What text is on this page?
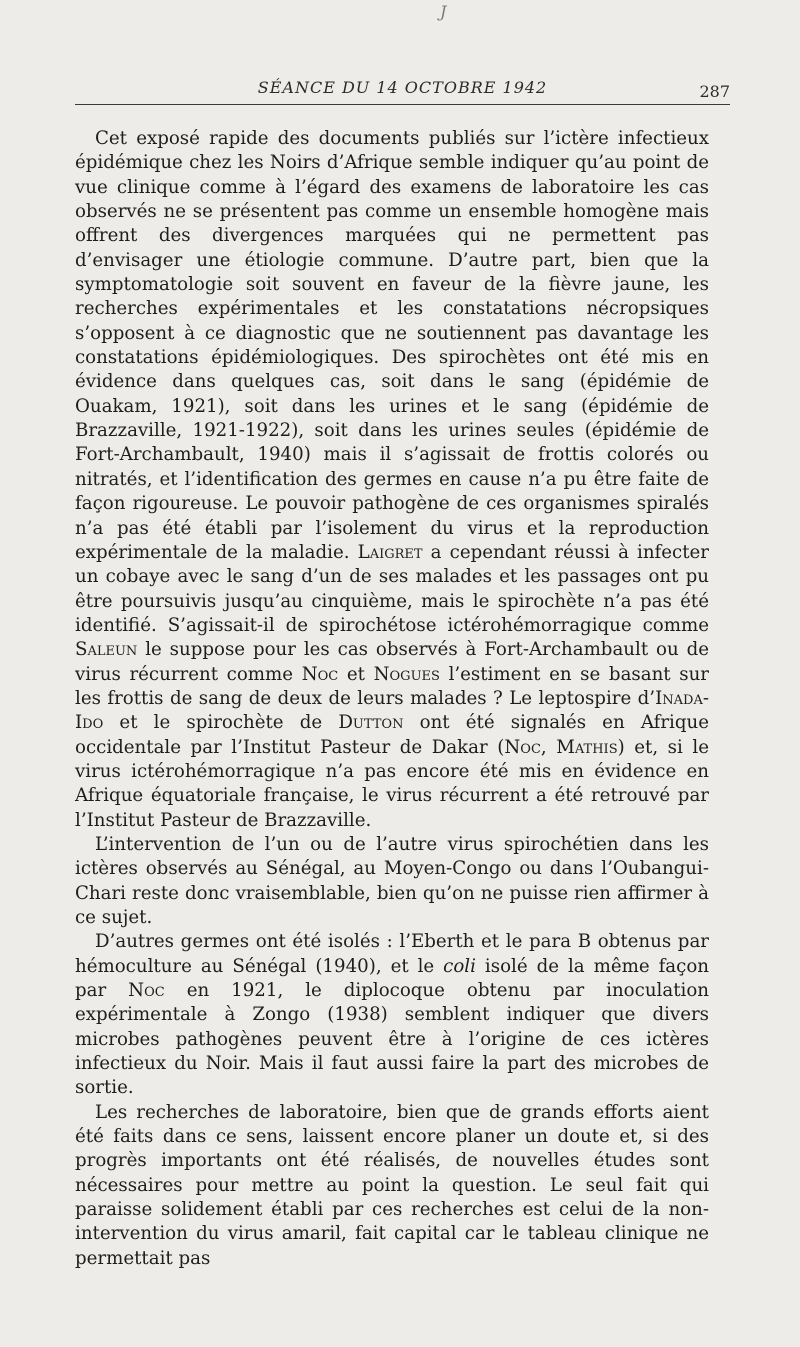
J
SÉANCE DU 14 OCTOBRE 1942	287

Cet exposé rapide des documents publiés sur l’ictère infectieux épidémique chez les Noirs d’Afrique semble indiquer qu’au point de vue clinique comme à l’égard des examens de laboratoire les cas observés ne se présentent pas comme un ensemble homogène mais offrent des divergences marquées qui ne permettent pas d’envisager une étiologie commune. D’autre part, bien que la symptomatologie soit souvent en faveur de la fièvre jaune, les recherches expérimentales et les constatations nécropsiques s’opposent à ce diagnostic que ne soutiennent pas davantage les constatations épidémiologiques. Des spirochètes ont été mis en évidence dans quelques cas, soit dans le sang (épidémie de Ouakam, 1921), soit dans les urines et le sang (épidémie de Brazzaville, 1921-1922), soit dans les urines seules (épidémie de Fort-Archambault, 1940) mais il s’agissait de frottis colorés ou nitratés, et l’identification des germes en cause n’a pu être faite de façon rigoureuse. Le pouvoir pathogène de ces organismes spiralés n’a pas été établi par l’isolement du virus et la reproduction expérimentale de la maladie. Laigret a cependant réussi à infecter un cobaye avec le sang d’un de ses malades et les passages ont pu être poursuivis jusqu’au cinquième, mais le spirochète n’a pas été identifié. S’agissait-il de spirochétose ictérohémorragique comme Saleun le suppose pour les cas observés à Fort-Archambault ou de virus récurrent comme Noc et Nogues l’estiment en se basant sur les frottis de sang de deux de leurs malades ? Le leptospire d’Inada-Ido et le spirochète de Dutton ont été signalés en Afrique occidentale par l’Institut Pasteur de Dakar (Noc, Mathis) et, si le virus ictérohémorragique n’a pas encore été mis en évidence en Afrique équatoriale française, le virus récurrent a été retrouvé par l’Institut Pasteur de Brazzaville.

L’intervention de l’un ou de l’autre virus spirochétien dans les ictères observés au Sénégal, au Moyen-Congo ou dans l’Oubangui-Chari reste donc vraisemblable, bien qu’on ne puisse rien affirmer à ce sujet.

D’autres germes ont été isolés : l’Eberth et le para B obtenus par hémoculture au Sénégal (1940), et le coli isolé de la même façon par Noc en 1921, le diplocoque obtenu par inoculation expérimentale à Zongo (1938) semblent indiquer que divers microbes pathogènes peuvent être à l’origine de ces ictères infectieux du Noir. Mais il faut aussi faire la part des microbes de sortie.

Les recherches de laboratoire, bien que de grands efforts aient été faits dans ce sens, laissent encore planer un doute et, si des progrès importants ont été réalisés, de nouvelles études sont nécessaires pour mettre au point la question. Le seul fait qui paraisse solidement établi par ces recherches est celui de la non-intervention du virus amaril, fait capital car le tableau clinique ne permettait pas
